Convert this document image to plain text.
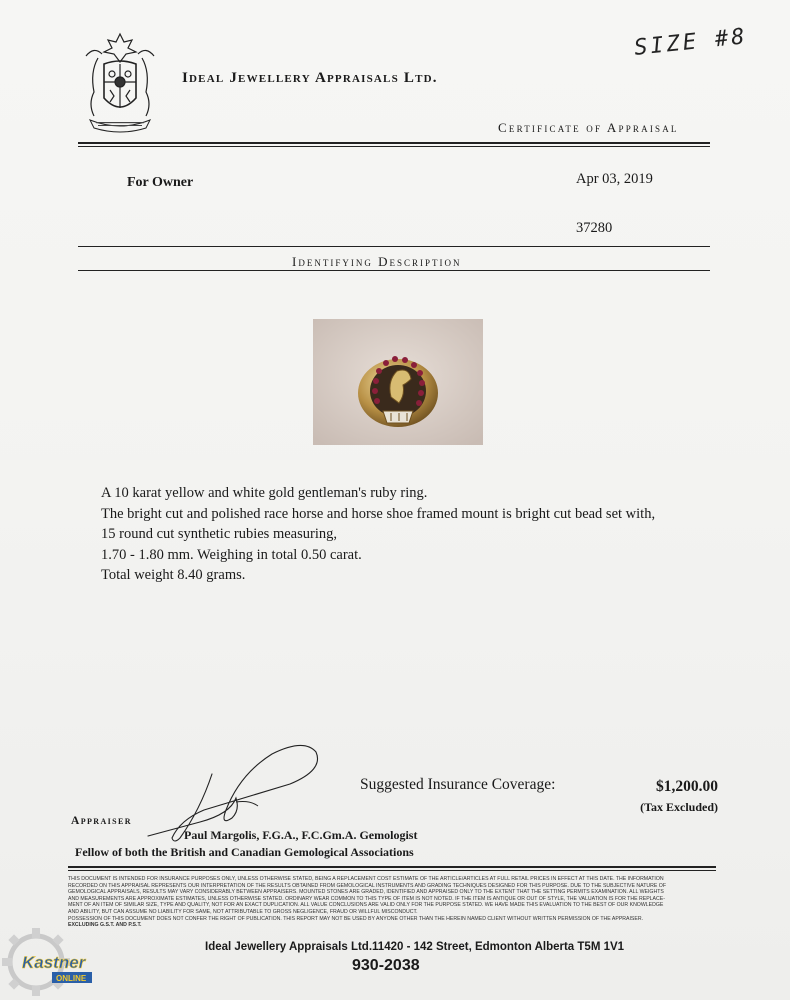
Ideal Jewellery Appraisals Ltd.
SIZE #8
Certificate of Appraisal
For Owner	Apr 03, 2019
37280
Identifying Description

A 10 karat yellow and white gold gentleman's ruby ring.

The bright cut and polished race horse and horse shoe framed mount is bright cut bead set with,

15 round cut synthetic rubies measuring,

1.70 - 1.80 mm. Weighing in total 0.50 carat.

Total weight 8.40 grams.

Suggested Insurance Coverage:	$1,200.00
(Tax Excluded)
Appraiser
Paul Margolis, F.G.A., F.C.Gm.A. Gemologist
Fellow of both the British and Canadian Gemological Associations
THIS DOCUMENT IS INTENDED FOR INSURANCE PURPOSES ONLY, UNLESS OTHERWISE STATED, BEING A REPLACEMENT COST ESTIMATE OF THE ARTICLE/ARTICLES AT FULL RETAIL PRICES IN EFFECT AT THIS DATE. THE INFORMATION
RECORDED ON THIS APPRAISAL REPRESENTS OUR INTERPRETATION OF THE RESULTS OBTAINED FROM GEMOLOGICAL INSTRUMENTS AND GRADING TECHNIQUES DESIGNED FOR THIS PURPOSE. DUE TO THE SUBJECTIVE NATURE OF
GEMOLOGICAL APPRAISALS, RESULTS MAY VARY CONSIDERABLY BETWEEN APPRAISERS. MOUNTED STONES ARE GRADED, IDENTIFIED AND APPRAISED ONLY TO THE EXTENT THAT THE SETTING PERMITS EXAMINATION. ALL WEIGHTS
AND MEASUREMENTS ARE APPROXIMATE ESTIMATES, UNLESS OTHERWISE STATED. ORDINARY WEAR COMMON TO THIS TYPE OF ITEM IS NOT NOTED. IF THE ITEM IS ANTIQUE OR OUT OF STYLE, THE VALUATION IS FOR THE REPLACE-
MENT OF AN ITEM OF SIMILAR SIZE, TYPE AND QUALITY, NOT FOR AN EXACT DUPLICATION. ALL VALUE CONCLUSIONS ARE VALID ONLY FOR THE PURPOSE STATED. WE HAVE MADE THIS EVALUATION TO THE BEST OF OUR KNOWLEDGE
AND ABILITY, BUT CAN ASSUME NO LIABILITY FOR SAME, NOT ATTRIBUTABLE TO GROSS NEGLIGENCE, FRAUD OR WILLFUL MISCONDUCT.
POSSESSION OF THIS DOCUMENT DOES NOT CONFER THE RIGHT OF PUBLICATION. THIS REPORT MAY NOT BE USED BY ANYONE OTHER THAN THE HEREIN NAMED CLIENT WITHOUT WRITTEN PERMISSION OF THE APPRAISER.
EXCLUDING G.S.T. AND P.S.T.
Ideal Jewellery Appraisals Ltd.11420 - 142 Street, Edmonton Alberta T5M 1V1
930-2038
Kastner
ONLINE
